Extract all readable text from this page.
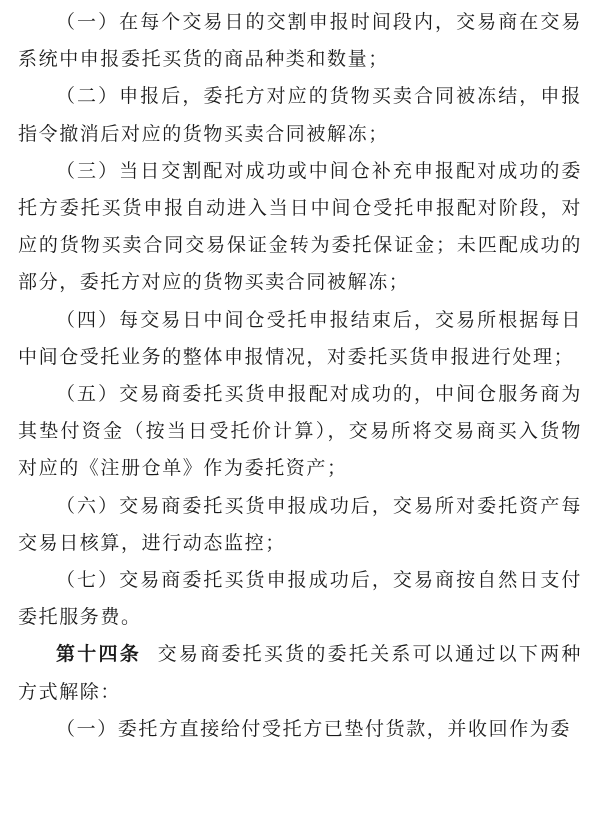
（一）在每个交易日的交割申报时间段内，交易商在交易系统中申报委托买货的商品种类和数量；

（二）申报后，委托方对应的货物买卖合同被冻结，申报指令撤消后对应的货物买卖合同被解冻；

（三）当日交割配对成功或中间仓补充申报配对成功的委托方委托买货申报自动进入当日中间仓受托申报配对阶段，对应的货物买卖合同交易保证金转为委托保证金；未匹配成功的部分，委托方对应的货物买卖合同被解冻；

（四）每交易日中间仓受托申报结束后，交易所根据每日中间仓受托业务的整体申报情况，对委托买货申报进行处理；

（五）交易商委托买货申报配对成功的，中间仓服务商为其垫付资金（按当日受托价计算），交易所将交易商买入货物对应的《注册仓单》作为委托资产；

（六）交易商委托买货申报成功后，交易所对委托资产每交易日核算，进行动态监控；

（七）交易商委托买货申报成功后，交易商按自然日支付委托服务费。

第十四条 交易商委托买货的委托关系可以通过以下两种方式解除：

（一）委托方直接给付受托方已垫付货款，并收回作为委
